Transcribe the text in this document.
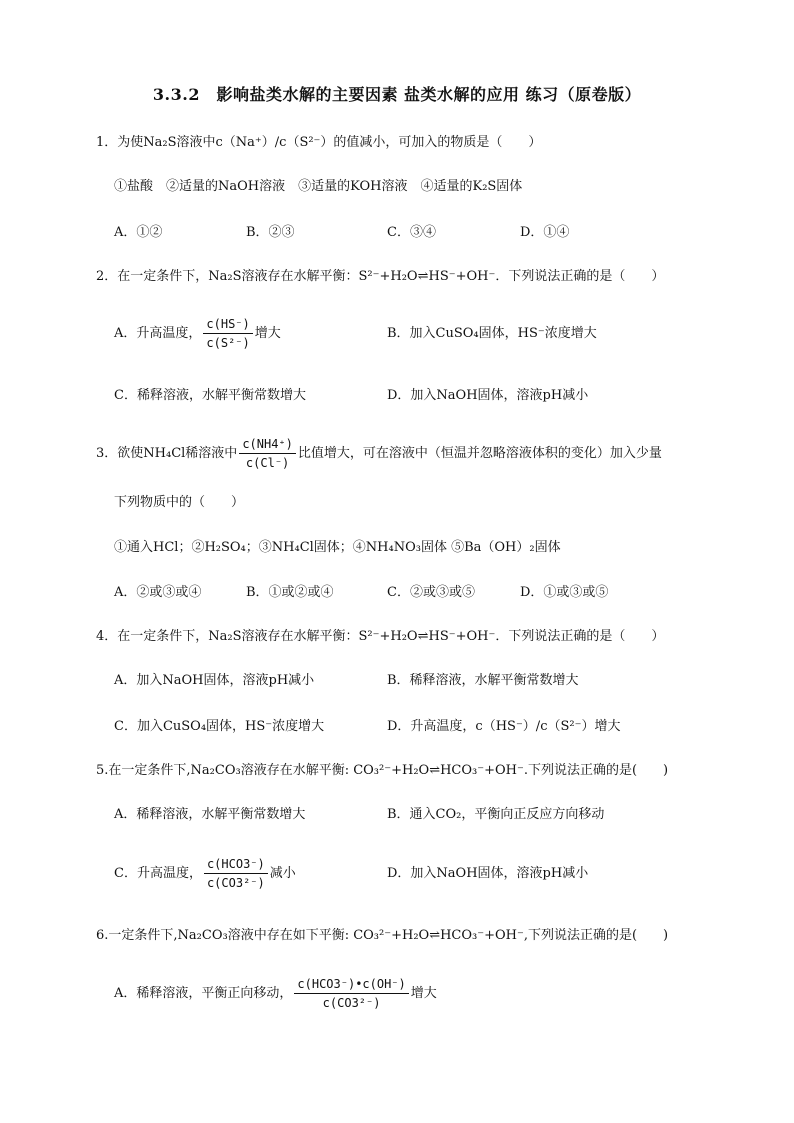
3.3.2　影响盐类水解的主要因素 盐类水解的应用 练习（原卷版）
1．为使Na₂S溶液中c（Na⁺）/c（S²⁻）的值减小，可加入的物质是（　　）
①盐酸　②适量的NaOH溶液　③适量的KOH溶液　④适量的K₂S固体
A．①②	B．②③	C．③④	D．①④
2．在一定条件下，Na₂S溶液存在水解平衡：S²⁻+H₂O⇌HS⁻+OH⁻．下列说法正确的是（　　）
A．升高温度， $\frac{c(HS^-)}{\text{c(S²⁻)}}$ 增大	B．加入CuSO₄固体，HS⁻浓度增大
C．稀释溶液，水解平衡常数增大	D．加入NaOH固体，溶液pH减小
3．欲使NH₄Cl稀溶液中 $\frac{c(NH4^+)}{c(Cl^-)}$ 比值增大，可在溶液中（恒温并忽略溶液体积的变化）加入少量
下列物质中的（　　）
①通入HCl；②H₂SO₄；③NH₄Cl固体；④NH₄NO₃固体 ⑤Ba（OH）₂固体
A．②或③或④	B．①或②或④	C．②或③或⑤	D．①或③或⑤
4．在一定条件下，Na₂S溶液存在水解平衡：S²⁻+H₂O⇌HS⁻+OH⁻．下列说法正确的是（　　）
A．加入NaOH固体，溶液pH减小	B．稀释溶液，水解平衡常数增大
C．加入CuSO₄固体，HS⁻浓度增大	D．升高温度，c（HS⁻）/c（S²⁻）增大
5.在一定条件下,Na₂CO₃溶液存在水解平衡: CO₃²⁻+H₂O⇌HCO₃⁻+OH⁻.下列说法正确的是(　　)
A．稀释溶液，水解平衡常数增大	B．通入CO₂，平衡向正反应方向移动
C．升高温度， $\frac{\text{c(HCO3⁻)}}{\text{c(CO3²⁻)}}$ 减小	D．加入NaOH固体，溶液pH减小
6.一定条件下,Na₂CO₃溶液中存在如下平衡: CO₃²⁻+H₂O⇌HCO₃⁻+OH⁻,下列说法正确的是(　　)
A．稀释溶液，平衡正向移动， $\frac{\text{c(HCO3⁻)•c(OH⁻)}}{\text{c(CO3²⁻)}}$ 增大
